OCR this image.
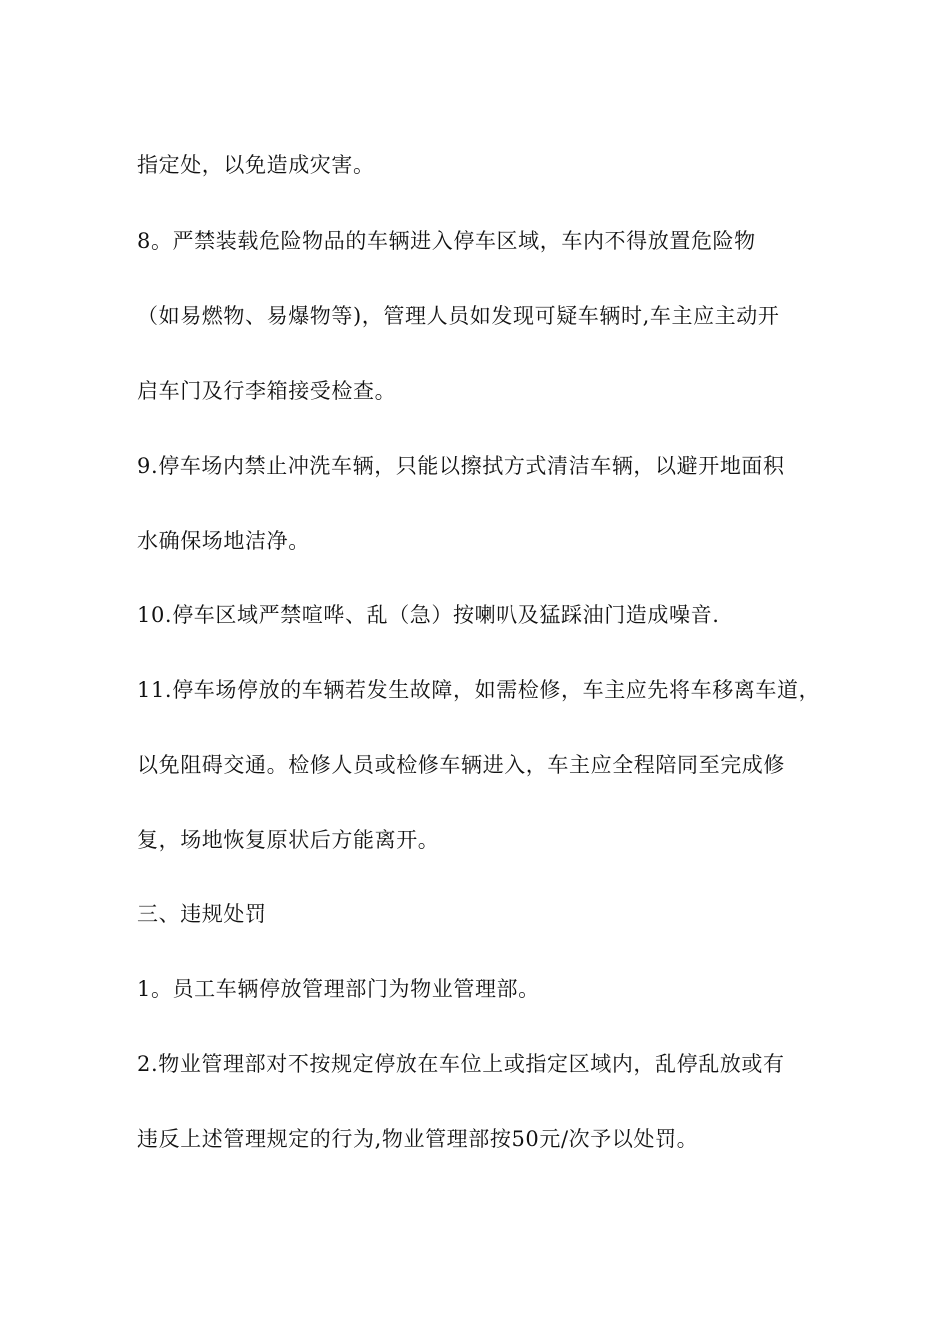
指定处，以免造成灾害。
8。严禁装载危险物品的车辆进入停车区域，车内不得放置危险物
（如易燃物、易爆物等)，管理人员如发现可疑车辆时,车主应主动开
启车门及行李箱接受检查。
9.停车场内禁止冲洗车辆，只能以擦拭方式清洁车辆，以避开地面积
水确保场地洁净。
10.停车区域严禁喧哗、乱（急）按喇叭及猛踩油门造成噪音.
11.停车场停放的车辆若发生故障，如需检修，车主应先将车移离车道，
以免阻碍交通。检修人员或检修车辆进入，车主应全程陪同至完成修
复，场地恢复原状后方能离开。
三、违规处罚
1。员工车辆停放管理部门为物业管理部。
2.物业管理部对不按规定停放在车位上或指定区域内，乱停乱放或有
违反上述管理规定的行为,物业管理部按50元/次予以处罚。
